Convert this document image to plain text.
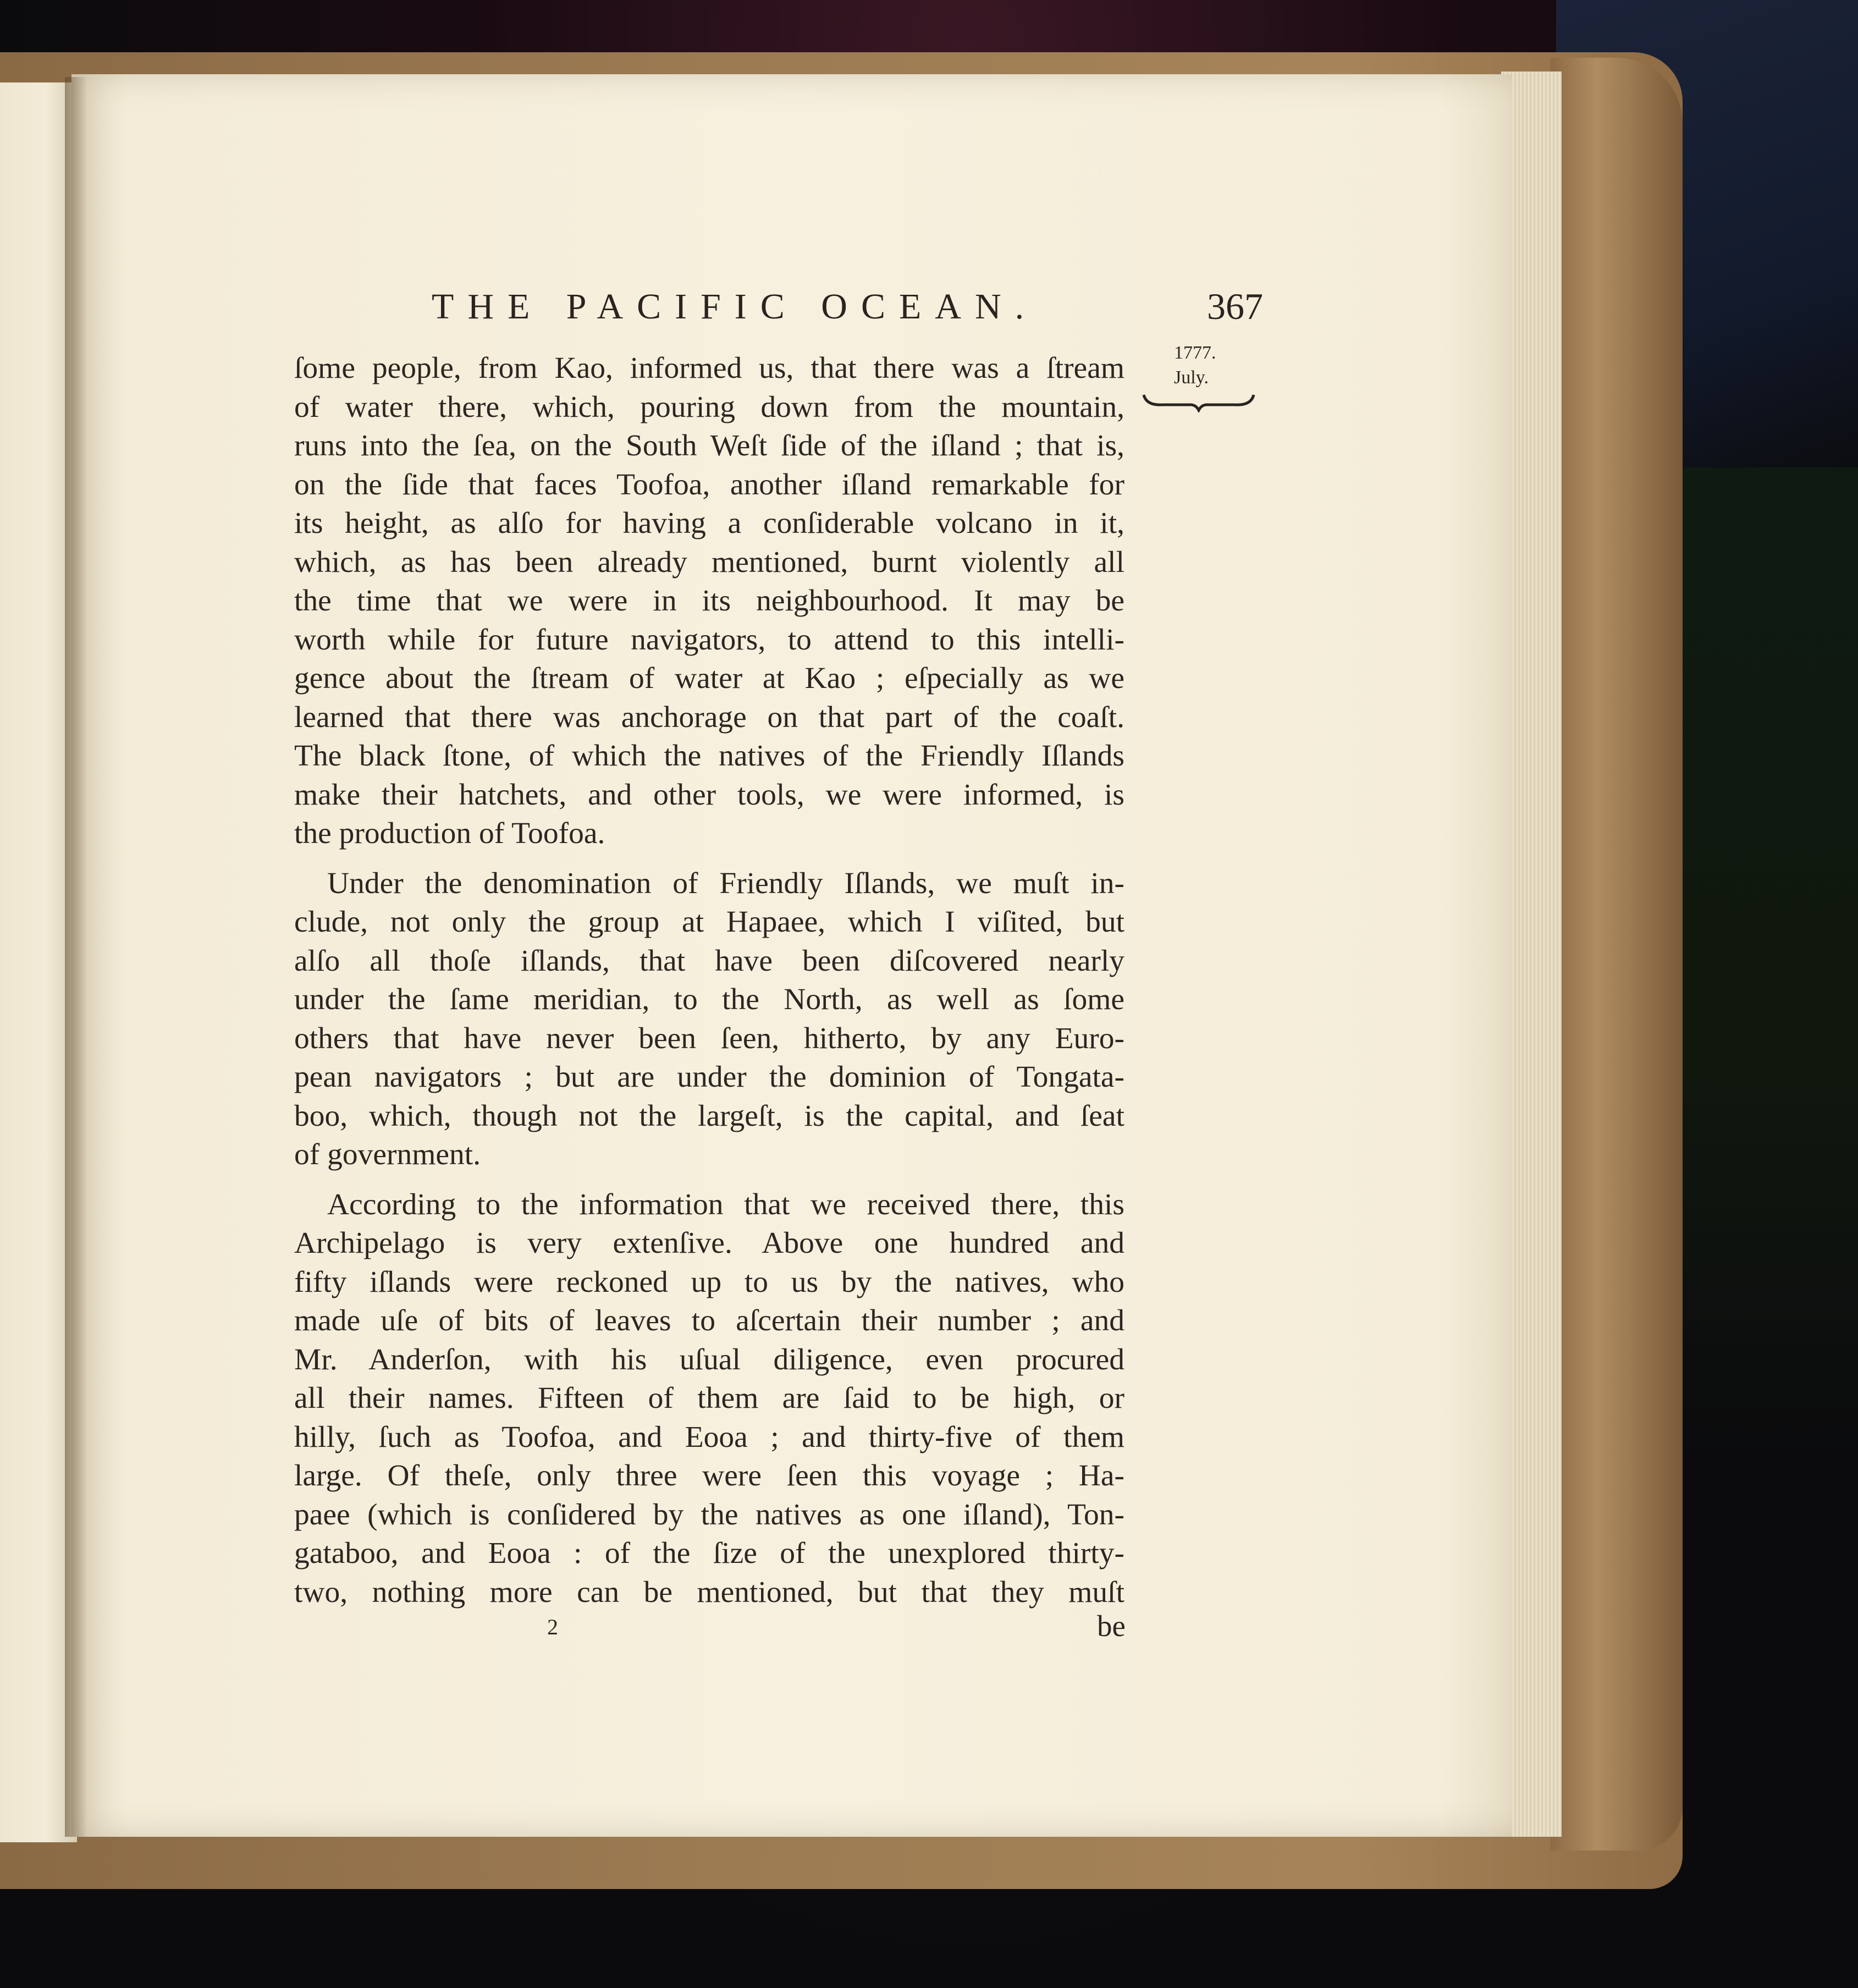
THE PACIFIC OCEAN.	367
1777.
July.
ſome people, from Kao, informed us, that there was a ſtream
of water there, which, pouring down from the mountain,
runs into the ſea, on the South Weſt ſide of the iſland ; that is,
on the ſide that faces Toofoa, another iſland remarkable for
its height, as alſo for having a conſiderable volcano in it,
which, as has been already mentioned, burnt violently all
the time that we were in its neighbourhood. It may be
worth while for future navigators, to attend to this intelli-
gence about the ſtream of water at Kao ; eſpecially as we
learned that there was anchorage on that part of the coaſt.
The black ſtone, of which the natives of the Friendly Iſlands
make their hatchets, and other tools, we were informed, is
the production of Toofoa.
Under the denomination of Friendly Iſlands, we muſt in-
clude, not only the group at Hapaee, which I viſited, but
alſo all thoſe iſlands, that have been diſcovered nearly
under the ſame meridian, to the North, as well as ſome
others that have never been ſeen, hitherto, by any Euro-
pean navigators ; but are under the dominion of Tongata-
boo, which, though not the largeſt, is the capital, and ſeat
of government.
According to the information that we received there, this
Archipelago is very extenſive. Above one hundred and
fifty iſlands were reckoned up to us by the natives, who
made uſe of bits of leaves to aſcertain their number ; and
Mr. Anderſon, with his uſual diligence, even procured
all their names. Fifteen of them are ſaid to be high, or
hilly, ſuch as Toofoa, and Eooa ; and thirty-five of them
large. Of theſe, only three were ſeen this voyage ; Ha-
paee (which is conſidered by the natives as one iſland), Ton-
gataboo, and Eooa : of the ſize of the unexplored thirty-
two, nothing more can be mentioned, but that they muſt
2	be
